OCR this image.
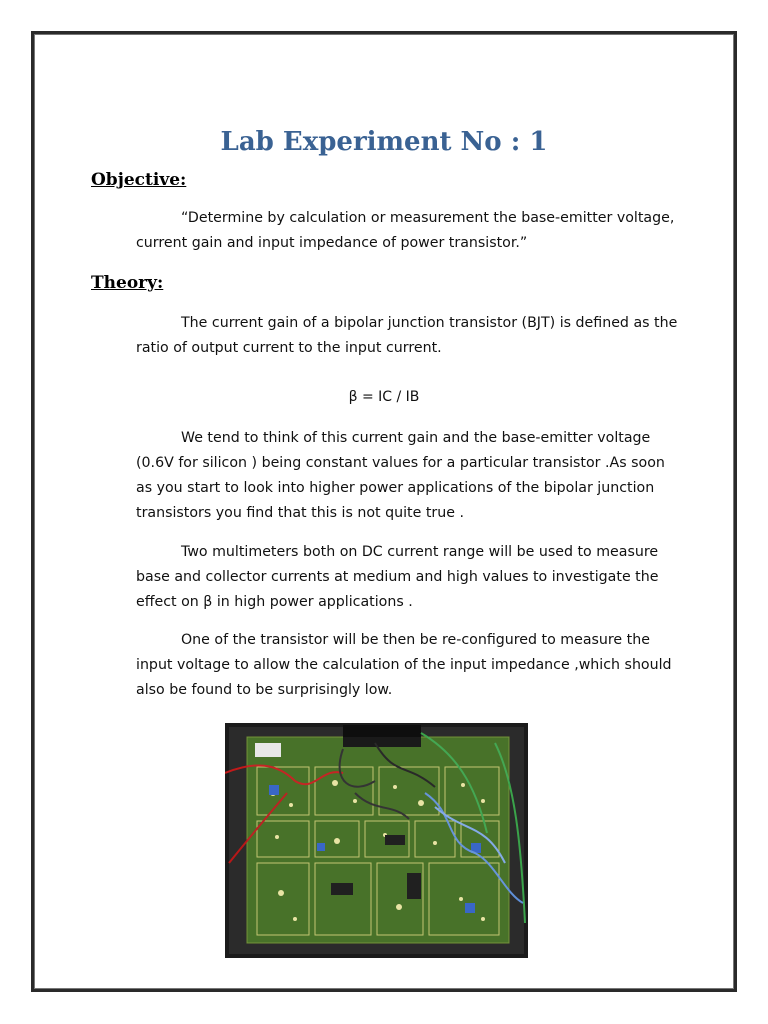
Lab Experiment No : 1
Objective:
“Determine by calculation or measurement the base-emitter voltage, current gain and input impedance of power transistor.”
Theory:
The current gain of a bipolar junction transistor (BJT) is defined as the ratio of output current to the input current.
β = IC / IB
We tend to think of this current gain and the base-emitter voltage (0.6V for silicon ) being constant values for a particular transistor .As soon as you start to look into higher power applications of the bipolar junction transistors you find that this is not quite true .
Two multimeters both on DC current range will be used to measure base and collector currents at medium and high values to investigate the effect on β in high power applications .
One of the transistor will be then be re-configured to measure the input voltage to allow the calculation of the input impedance ,which should also be found to be surprisingly low.
